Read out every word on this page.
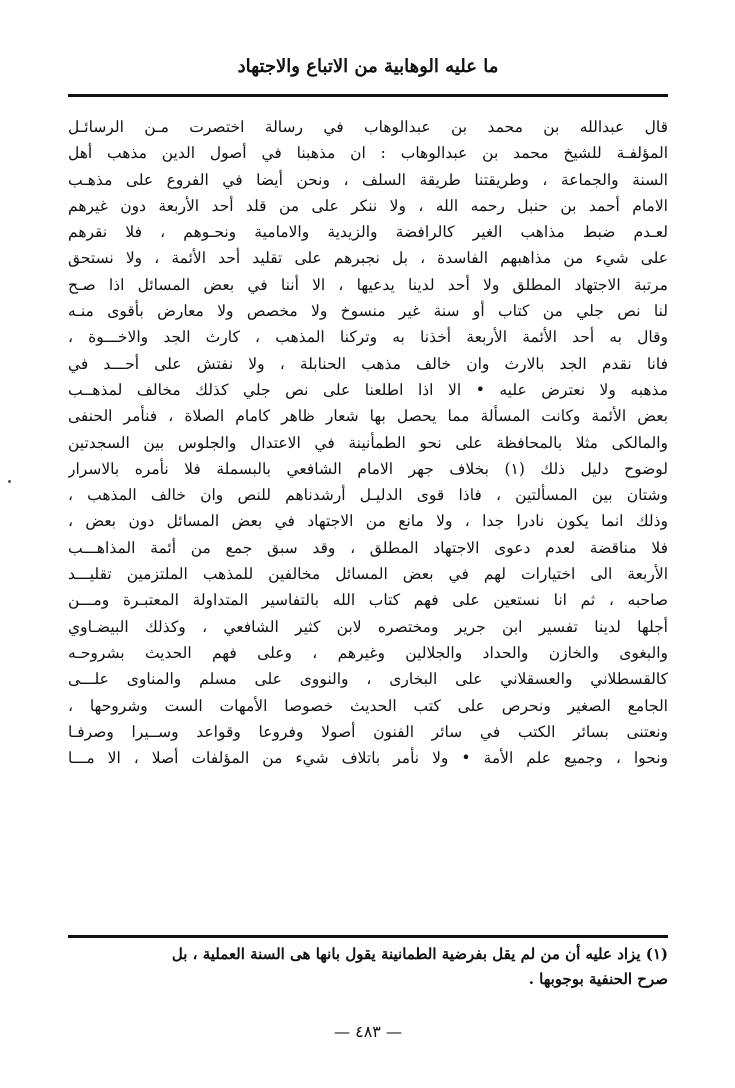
ما عليه الوهابية من الاتباع والاجتهاد
قال عبدالله بن محمد بن عبدالوهاب في رسالة اختصرت مـن الرسائـل
المؤلفـة للشيخ محمد بن عبدالوهاب : ان مذهبنا في أصول الدين مذهب أهل
السنة والجماعة ، وطريقتنا طريقة السلف ، ونحن أيضا في الفروع على مذهـب
الامام أحمد بن حنبل رحمه الله ، ولا ننكر على من قلد أحد الأربعة دون غيرهم
لعـدم ضبط مذاهب الغير كالرافضة والزيدية والامامية ونحـوهم ، فلا نقرهم
على شيء من مذاهبهم الفاسدة ، بل نجبرهم على تقليد أحد الأئمة ، ولا نستحق
مرتبة الاجتهاد المطلق ولا أحد لدينا يدعيها ، الا أننا في بعض المسائل اذا صـح
لنا نص جلي من كتاب أو سنة غير منسوخ ولا مخصص ولا معارض بأقوى منـه
وقال به أحد الأئمة الأربعة أخذنا به وتركنا المذهب ، كارث الجد والاخـــوة ،
فانا نقدم الجد بالارث وان خالف مذهب الحنابلة ، ولا نفتش على أحـــد في
مذهبه ولا نعترض عليه • الا اذا اطلعنا على نص جلي كذلك مخالف لمذهــب
بعض الأئمة وكانت المسألة مما يحصل بها شعار ظاهر كامام الصلاة ، فنأمر الحنفى
والمالكى مثلا بالمحافظة على نحو الطمأنينة في الاعتدال والجلوس بين السجدتين
لوضوح دليل ذلك (١) بخلاف جهر الامام الشافعي بالبسملة فلا نأمره بالاسرار
وشتان بين المسألتين ، فاذا قوى الدليـل أرشدناهم للنص وان خالف المذهب ،
وذلك انما يكون نادرا جدا ، ولا مانع من الاجتهاد في بعض المسائل دون بعض ،
فلا مناقضة لعدم دعوى الاجتهاد المطلق ، وقد سبق جمع من أئمة المذاهـــب
الأربعة الى اختيارات لهم في بعض المسائل مخالفين للمذهب الملتزمين تقليـــد
صاحبه ، ثم انا نستعين على فهم كتاب الله بالتفاسير المتداولة المعتبـرة ومـــن
أجلها لدينا تفسير ابن جرير ومختصره لابن كثير الشافعي ، وكذلك البيضـاوي
والبغوى والخازن والحداد والجلالين وغيرهم ، وعلى فهم الحديث بشروحـه
كالقسطلاني والعسقلاني على البخارى ، والنووى على مسلم والمناوى علـــى
الجامع الصغير ونحرص على كتب الحديث خصوصا الأمهات الست وشروحها ،
ونعتنى بسائر الكتب في سائر الفنون أصولا وفروعا وقواعد وســيرا وصرفـا
ونحوا ، وجميع علم الأمة • ولا نأمر باتلاف شيء من المؤلفات أصلا ، الا مـــا
(١) يزاد عليه أن من لم يقل بفرضية الطمانينة يقول بانها هى السنة العملية ، بل
صرح الحنفية بوجوبها .
— ٤٨٣ —
